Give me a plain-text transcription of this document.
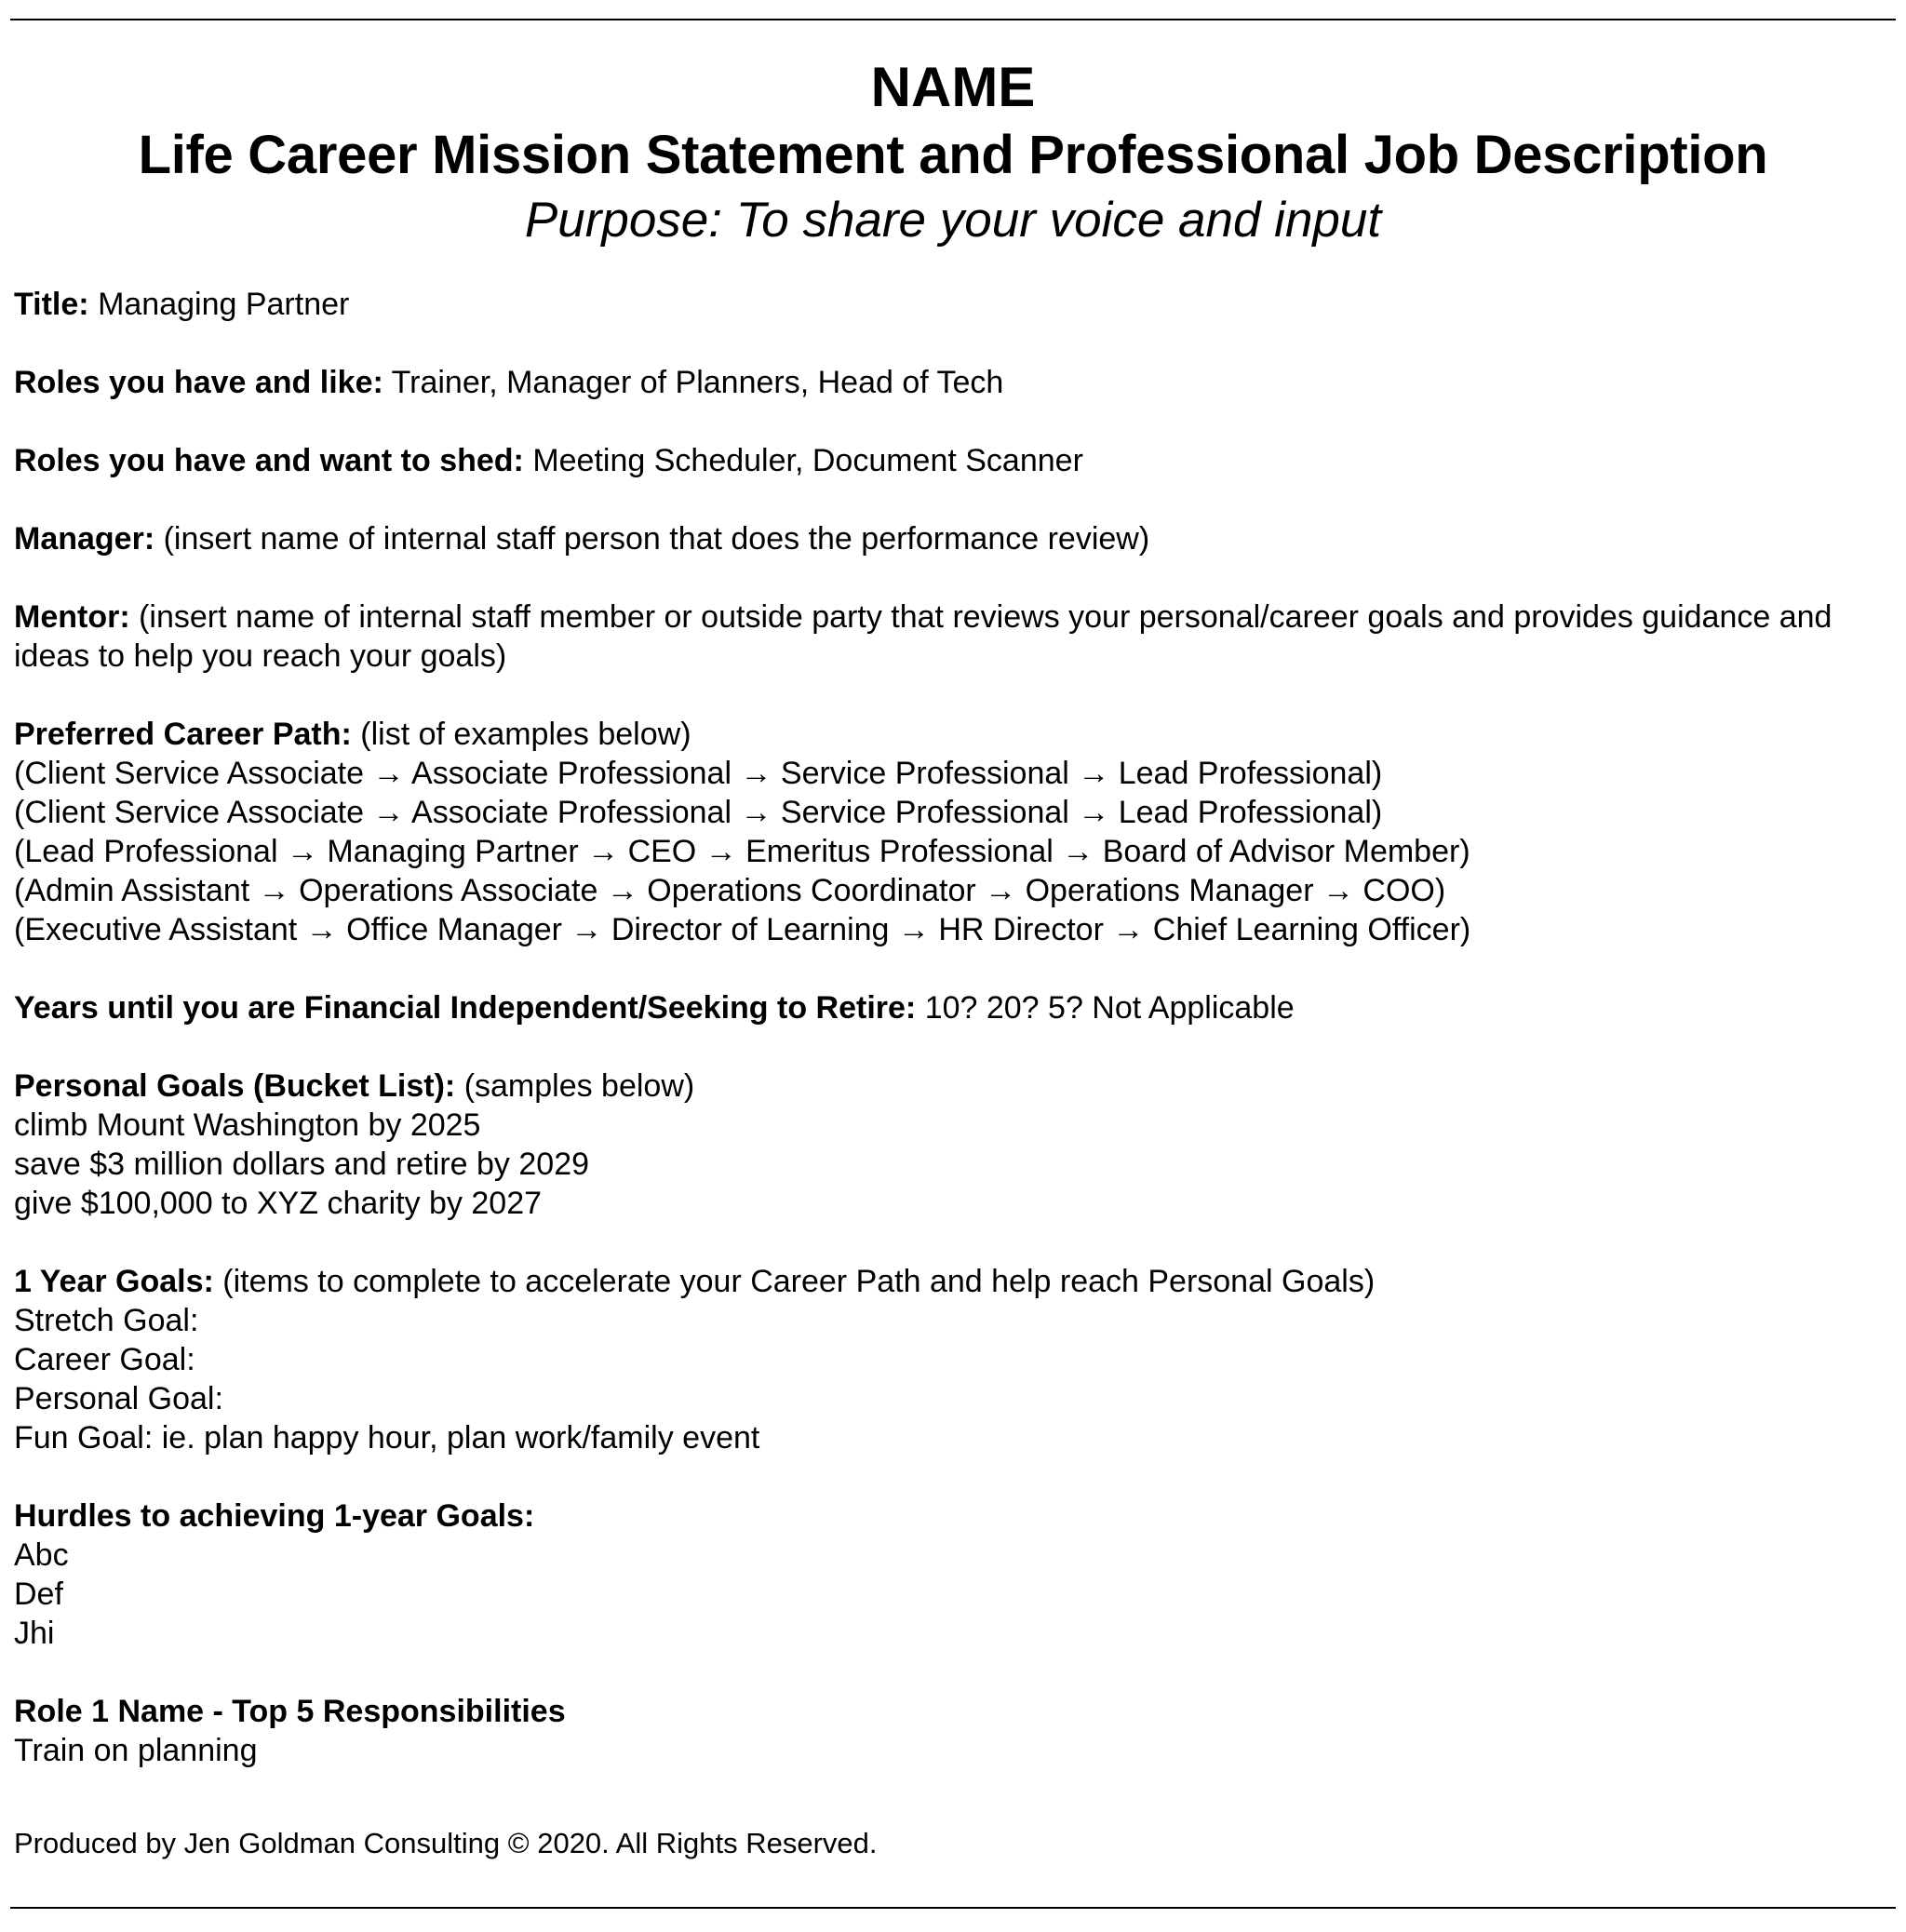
NAME
Life Career Mission Statement and Professional Job Description
Purpose: To share your voice and input
Title: Managing Partner
Roles you have and like: Trainer, Manager of Planners, Head of Tech
Roles you have and want to shed: Meeting Scheduler, Document Scanner
Manager: (insert name of internal staff person that does the performance review)
Mentor: (insert name of internal staff member or outside party that reviews your personal/career goals and provides guidance and ideas to help you reach your goals)
Preferred Career Path: (list of examples below)
(Client Service Associate → Associate Professional → Service Professional → Lead Professional)
(Client Service Associate → Associate Professional → Service Professional → Lead Professional)
(Lead Professional → Managing Partner → CEO → Emeritus Professional → Board of Advisor Member)
(Admin Assistant → Operations Associate → Operations Coordinator → Operations Manager → COO)
(Executive Assistant → Office Manager → Director of Learning → HR Director → Chief Learning Officer)
Years until you are Financial Independent/Seeking to Retire: 10? 20? 5? Not Applicable
Personal Goals (Bucket List): (samples below)
climb Mount Washington by 2025
save $3 million dollars and retire by 2029
give $100,000 to XYZ charity by 2027
1 Year Goals: (items to complete to accelerate your Career Path and help reach Personal Goals)
Stretch Goal:
Career Goal:
Personal Goal:
Fun Goal: ie. plan happy hour, plan work/family event
Hurdles to achieving 1-year Goals:
Abc
Def
Jhi
Role 1 Name - Top 5 Responsibilities
Train on planning
Produced by Jen Goldman Consulting © 2020. All Rights Reserved.
